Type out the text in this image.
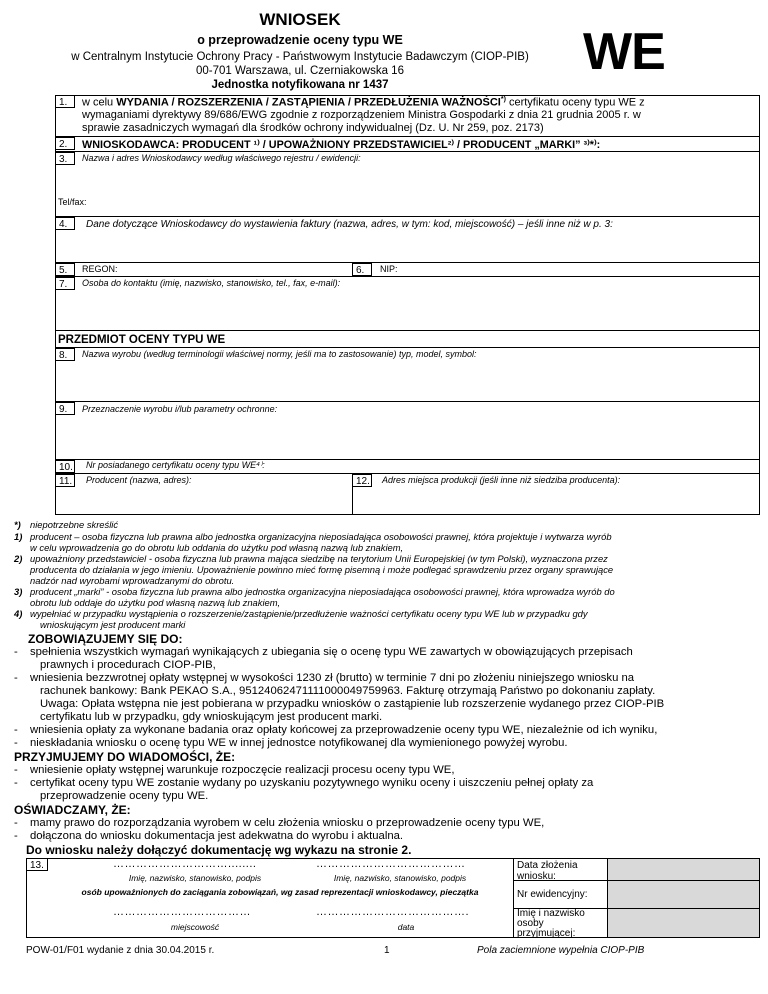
WNIOSEK
o przeprowadzenie oceny typu WE
w Centralnym Instytucie Ochrony Pracy - Państwowym Instytucie Badawczym (CIOP-PIB)
00-701 Warszawa, ul. Czerniakowska 16
Jednostka notyfikowana nr 1437
WE
1.	w celu WYDANIA / ROZSZERZENIA / ZASTĄPIENIA / PRZEDŁUŻENIA WAŻNOŚCI*) certyfikatu oceny typu WE z
wymaganiami dyrektywy 89/686/EWG zgodnie z rozporządzeniem Ministra Gospodarki z dnia 21 grudnia 2005 r. w
sprawie zasadniczych wymagań dla środków ochrony indywidualnej (Dz. U. Nr 259, poz. 2173)
2.	WNIOSKODAWCA: PRODUCENT ¹⁾ / UPOWAŻNIONY PRZEDSTAWICIEL²⁾ / PRODUCENT „MARKI” ³⁾*⁾:
3.	Nazwa i adres Wnioskodawcy według właściwego rejestru / ewidencji:
Tel/fax:
4.	Dane dotyczące Wnioskodawcy do wystawienia faktury (nazwa, adres, w tym: kod, miejscowość) – jeśli inne niż w p. 3:
5.	REGON:	6.	NIP:
7.	Osoba do kontaktu (imię, nazwisko, stanowisko, tel., fax, e-mail):
PRZEDMIOT OCENY TYPU WE
8.	Nazwa wyrobu (według terminologii właściwej normy, jeśli ma to zastosowanie) typ, model, symbol:
9.	Przeznaczenie wyrobu i/lub parametry ochronne:
10. Nr posiadanego certyfikatu oceny typu WE⁴⁾:
11.	Producent (nazwa, adres):	12. Adres miejsca produkcji (jeśli inne niż siedziba producenta):
*) niepotrzebne skreślić
1) producent – osoba fizyczna lub prawna albo jednostka organizacyjna nieposiadająca osobowości prawnej, która projektuje i wytwarza wyrób
w celu wprowadzenia go do obrotu lub oddania do użytku pod własną nazwą lub znakiem,
2) upoważniony przedstawiciel - osoba fizyczna lub prawna mająca siedzibę na terytorium Unii Europejskiej (w tym Polski), wyznaczona przez
producenta do działania w jego imieniu. Upoważnienie powinno mieć formę pisemną i może podlegać sprawdzeniu przez organy sprawujące
nadzór nad wyrobami wprowadzanymi do obrotu.
3) producent „marki” - osoba fizyczna lub prawna albo jednostka organizacyjna nieposiadająca osobowości prawnej, która wprowadza wyrób do
obrotu lub oddaje do użytku pod własną nazwą lub znakiem,
4) wypełniać w przypadku wystąpienia o rozszerzenie/zastąpienie/przedłużenie ważności certyfikatu oceny typu WE lub w przypadku gdy
wnioskującym jest producent marki
ZOBOWIĄZUJEMY SIĘ DO:
- spełnienia wszystkich wymagań wynikających z ubiegania się o ocenę typu WE zawartych w obowiązujących przepisach
prawnych i procedurach CIOP-PIB,
- wniesienia bezzwrotnej opłaty wstępnej w wysokości 1230 zł (brutto) w terminie 7 dni po złożeniu niniejszego wniosku na
rachunek bankowy: Bank PEKAO S.A., 95124062471111000049759963. Fakturę otrzymają Państwo po dokonaniu zapłaty.
Uwaga: Opłata wstępna nie jest pobierana w przypadku wniosków o zastąpienie lub rozszerzenie wydanego przez CIOP-PIB
certyfikatu lub w przypadku, gdy wnioskującym jest producent marki.
- wniesienia opłaty za wykonane badania oraz opłaty końcowej za przeprowadzenie oceny typu WE, niezależnie od ich wyniku,
- nieskładania wniosku o ocenę typu WE w innej jednostce notyfikowanej dla wymienionego powyżej wyrobu.
PRZYJMUJEMY DO WIADOMOŚCI, ŻE:
- wniesienie opłaty wstępnej warunkuje rozpoczęcie realizacji procesu oceny typu WE,
- certyfikat oceny typu WE zostanie wydany po uzyskaniu pozytywnego wyniku oceny i uiszczeniu pełnej opłaty za
przeprowadzenie oceny typu WE.
OŚWIADCZAMY, ŻE:
- mamy prawo do rozporządzania wyrobem w celu złożenia wniosku o przeprowadzenie oceny typu WE,
- dołączona do wniosku dokumentacja jest adekwatna do wyrobu i aktualna.
Do wniosku należy dołączyć dokumentację wg wykazu na stronie 2.
13.	Data złożenia wniosku:
Nr ewidencyjny:
Imię i nazwisko osoby przyjmującej:
…………………………........	…………………………………
Imię, nazwisko, stanowisko, podpis	Imię, nazwisko, stanowisko, podpis
osób upoważnionych do zaciągania zobowiązań, wg zasad reprezentacji wnioskodawcy, pieczątka
………………………………	………………………………….
miejscowość	data
POW-01/F01 wydanie z dnia 30.04.2015 r.	1	Pola zaciemnione wypełnia CIOP-PIB
